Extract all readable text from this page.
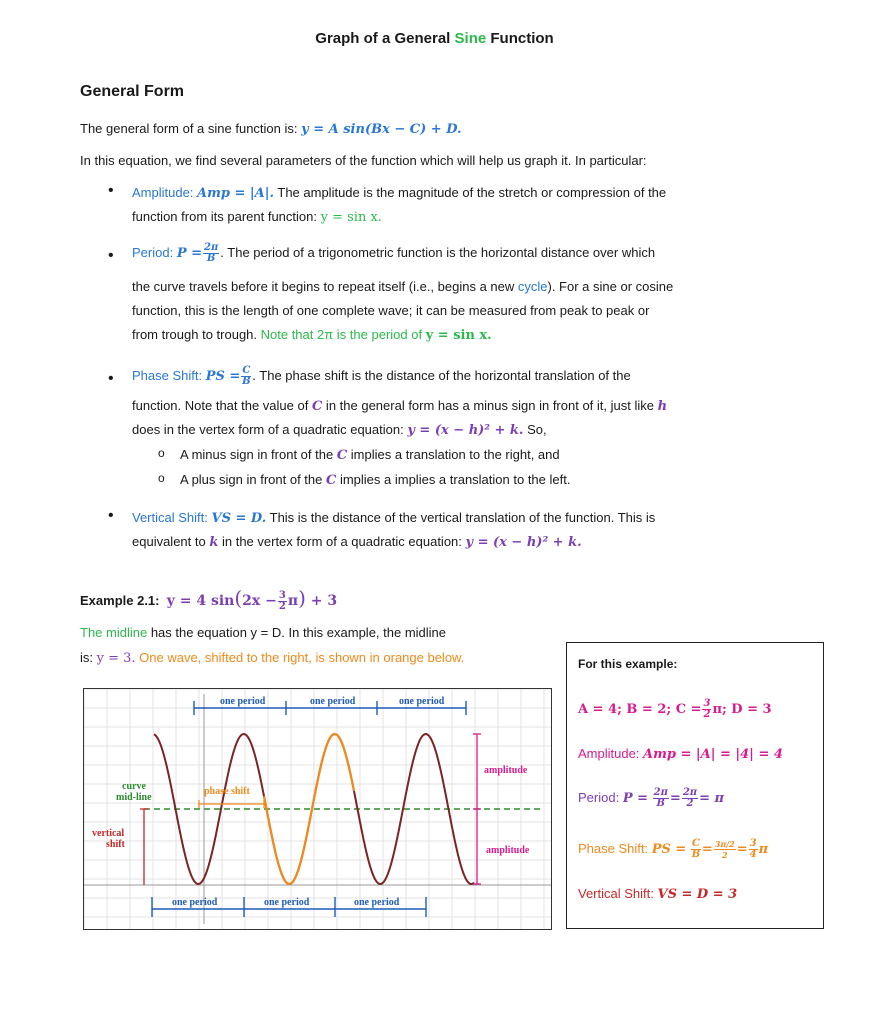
Graph of a General Sine Function
General Form
The general form of a sine function is: y = A sin(Bx − C) + D.
In this equation, we find several parameters of the function which will help us graph it. In particular:
• Amplitude: Amp = |A|. The amplitude is the magnitude of the stretch or compression of the
function from its parent function: y = sin x.
• Period: $P = \frac{2\pi}{B}$ . The period of a trigonometric function is the horizontal distance over which
the curve travels before it begins to repeat itself (i.e., begins a new cycle). For a sine or cosine
function, this is the length of one complete wave; it can be measured from peak to peak or
from trough to trough. Note that 2π is the period of y = sin x.
• Phase Shift: PS = $\frac{C}{B}$ . The phase shift is the distance of the horizontal translation of the
function. Note that the value of C in the general form has a minus sign in front of it, just like h
does in the vertex form of a quadratic equation: y = (x − h)² + k. So,
o A minus sign in front of the C implies a translation to the right, and
o A plus sign in front of the C implies a implies a translation to the left.
• Vertical Shift: VS = D. This is the distance of the vertical translation of the function. This is
equivalent to k in the vertex form of a quadratic equation: y = (x − h)² + k.
Example 2.1: y = 4 $\sin(2x - \frac{3}{2} \pi) + 3$
The midline has the equation y = D. In this example, the midline
is: y = 3. One wave, shifted to the right, is shown in orange below.
one period	one period	one period
one period	one period	one period
amplitude
amplitude
curve
mid-line
vertical
shift
phase shift
For this example:
A = 4; B = 2; $C = \frac{3}{2} \pi$; D = 3
Amplitude: Amp = |A| = |4| = 4
Period: $P = \frac{2\pi}{B} = \frac{2\pi}{2} = \pi$
Phase Shift: PS = $\frac{C}{B} = \frac{3\pi/2}{2} = \frac{3}{4}$ π
Vertical Shift: VS = D = 3
